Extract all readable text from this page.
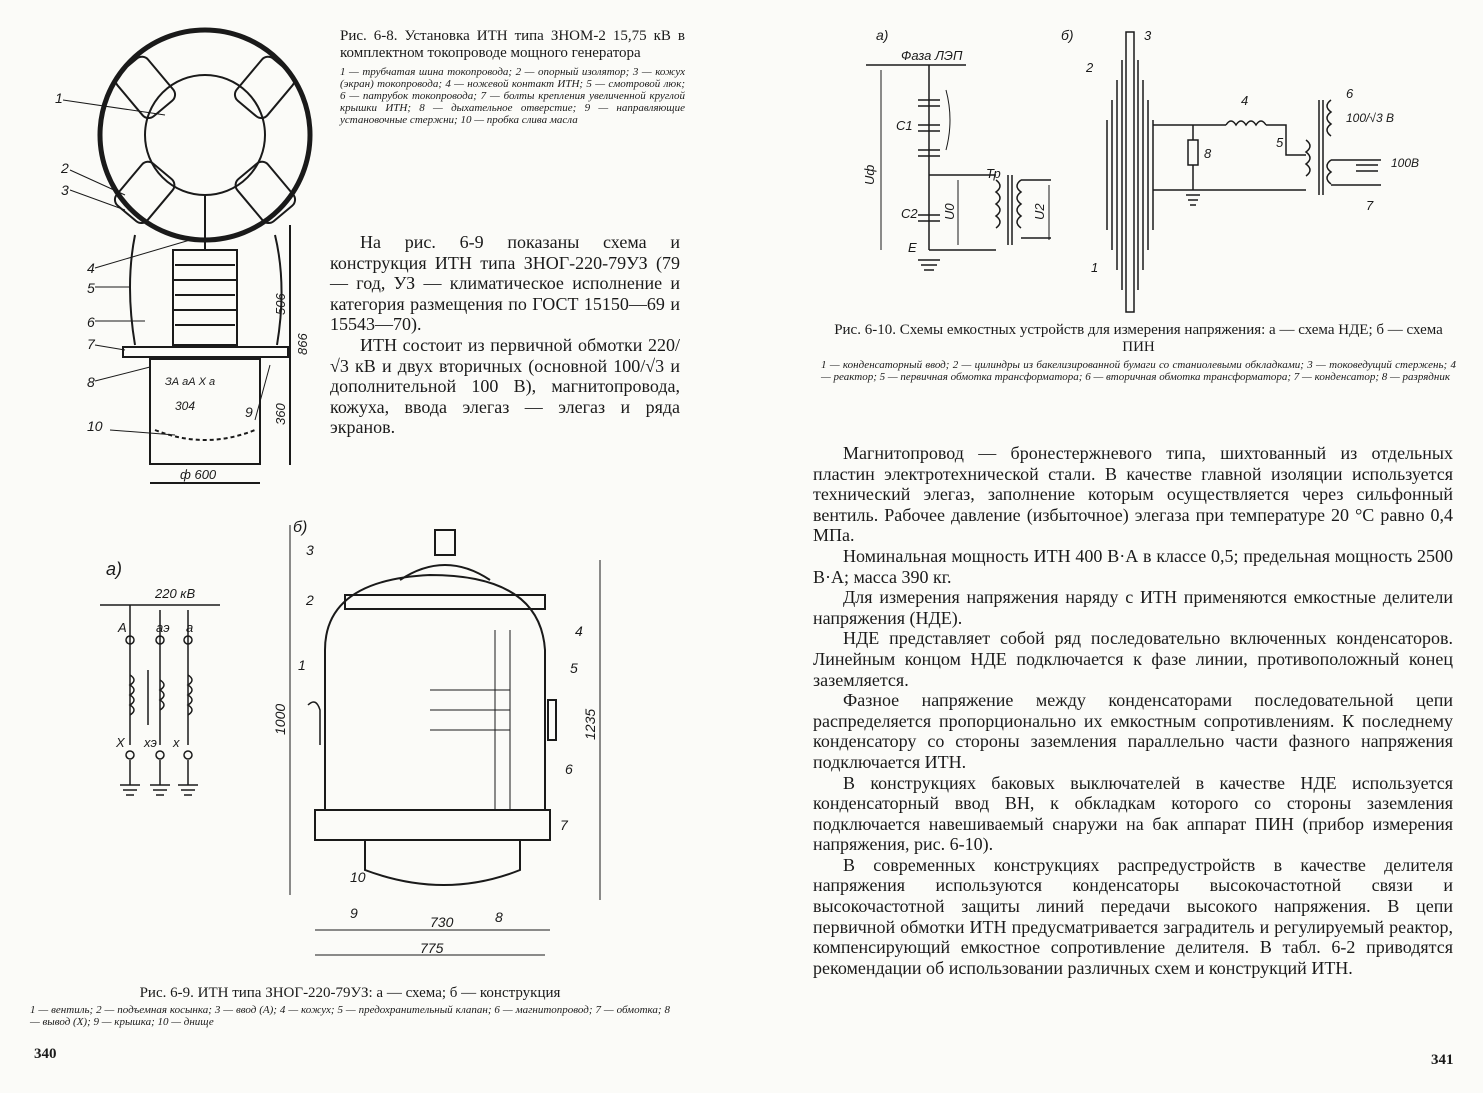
1
2
3
4
5
6
7
8
9
10
ЗА аА Х а
304
ф 600
506
866
360
Рис. 6-8. Установка ИТН типа ЗНОМ-2 15,75 кВ в комплектном токопроводе мощного генератора
1 — трубчатая шина токопровода; 2 — опорный изолятор; 3 — кожух (экран) токопровода; 4 — ножевой контакт ИТН; 5 — смотровой люк; 6 — патрубок токопровода; 7 — болты крепления увеличенной круглой крышки ИТН; 8 — дыхательное отверстие; 9 — направляющие установочные стержни; 10 — пробка слива масла

На рис. 6-9 показаны схема и конструкция ИТН типа ЗНОГ-220-79УЗ (79 — год, УЗ — климатическое исполнение и категория размещения по ГОСТ 15150—69 и 15543—70).

ИТН состоит из первичной обмотки 220/√3 кВ и двух вторичных (основной 100/√3 и дополнительной 100 В), магнитопровода, кожуха, ввода элегаз — элегаз и ряда экранов.

а)
220 кВ
A aэ a
X xэ x
б)
1
2
3
4
5
6
7
8
9
10
1000	1235
730
775
Рис. 6-9. ИТН типа ЗНОГ-220-79УЗ: а — схема; б — конструкция
1 — вентиль; 2 — подъемная косынка; 3 — ввод (А); 4 — кожух; 5 — предохранительный клапан; 6 — магнитопровод; 7 — обмотка; 8 — вывод (Х); 9 — крышка; 10 — днище
340
а)
Фаза ЛЭП
C1
C2
Uф
U0	U2
Тр
E
б)
1
2
3
4
5
6
7
8
100/√3 В
100В
Рис. 6-10. Схемы емкостных устройств для измерения напряжения: а — схема НДЕ; б — схема ПИН
1 — конденсаторный ввод; 2 — цилиндры из бакелизированной бумаги со станиолевыми обкладками; 3 — токоведущий стержень; 4 — реактор; 5 — первичная обмотка трансформатора; 6 — вторичная обмотка трансформатора; 7 — конденсатор; 8 — разрядник

Магнитопровод — бронестержневого типа, шихтованный из отдельных пластин электротехнической стали. В качестве главной изоляции используется технический элегаз, заполнение которым осуществляется через сильфонный вентиль. Рабочее давление (избыточное) элегаза при температуре 20 °С равно 0,4 МПа.

Номинальная мощность ИТН 400 В·А в классе 0,5; предельная мощность 2500 В·А; масса 390 кг.

Для измерения напряжения наряду с ИТН применяются емкостные делители напряжения (НДЕ).

НДЕ представляет собой ряд последовательно включенных конденсаторов. Линейным концом НДЕ подключается к фазе линии, противоположный конец заземляется.

Фазное напряжение между конденсаторами последовательной цепи распределяется пропорционально их емкостным сопротивлениям. К последнему конденсатору со стороны заземления параллельно части фазного напряжения подключается ИТН.

В конструкциях баковых выключателей в качестве НДЕ используется конденсаторный ввод ВН, к обкладкам которого со стороны заземления подключается навешиваемый снаружи на бак аппарат ПИН (прибор измерения напряжения, рис. 6-10).

В современных конструкциях распредустройств в качестве делителя напряжения используются конденсаторы высокочастотной связи и высокочастотной защиты линий передачи высокого напряжения. В цепи первичной обмотки ИТН предусматривается заградитель и регулируемый реактор, компенсирующий емкостное сопротивление делителя. В табл. 6-2 приводятся рекомендации об использовании различных схем и конструкций ИТН.

341
